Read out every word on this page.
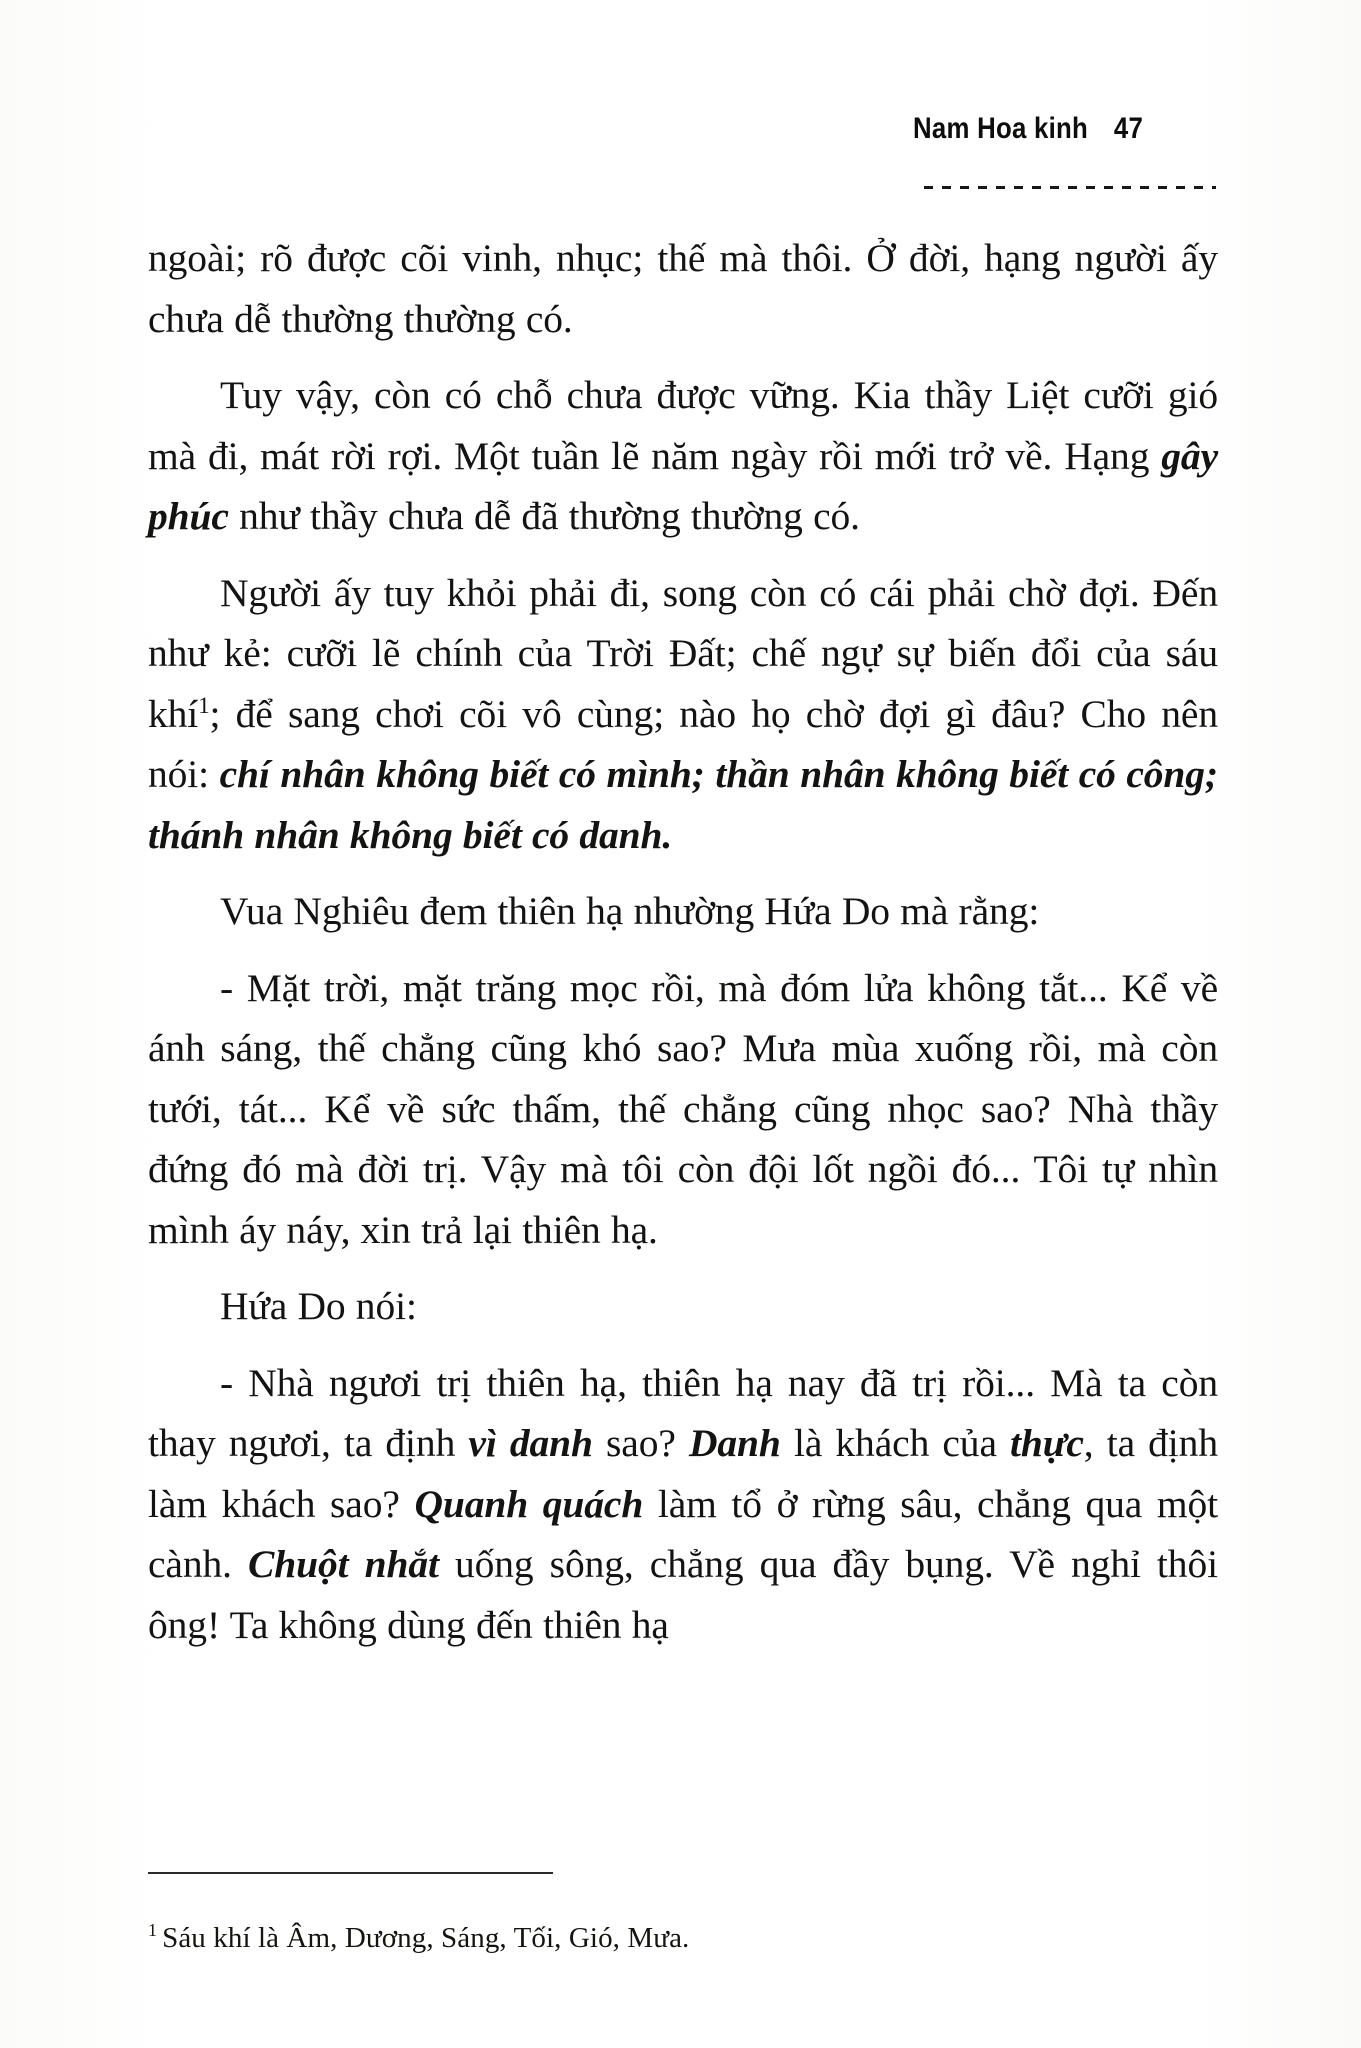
Nam Hoa kinh 47

ngoài; rõ được cõi vinh, nhục; thế mà thôi. Ở đời, hạng người ấy chưa dễ thường thường có.

Tuy vậy, còn có chỗ chưa được vững. Kia thầy Liệt cưỡi gió mà đi, mát rời rợi. Một tuần lẽ năm ngày rồi mới trở về. Hạng gây phúc như thầy chưa dễ đã thường thường có.

Người ấy tuy khỏi phải đi, song còn có cái phải chờ đợi. Đến như kẻ: cưỡi lẽ chính của Trời Đất; chế ngự sự biến đổi của sáu khí$^1$; để sang chơi cõi vô cùng; nào họ chờ đợi gì đâu? Cho nên nói: chí nhân không biết có mình; thần nhân không biết có công; thánh nhân không biết có danh.

Vua Nghiêu đem thiên hạ nhường Hứa Do mà rằng:

- Mặt trời, mặt trăng mọc rồi, mà đóm lửa không tắt... Kể về ánh sáng, thế chẳng cũng khó sao? Mưa mùa xuống rồi, mà còn tưới, tát... Kể về sức thấm, thế chẳng cũng nhọc sao? Nhà thầy đứng đó mà đời trị. Vậy mà tôi còn đội lốt ngồi đó... Tôi tự nhìn mình áy náy, xin trả lại thiên hạ.

Hứa Do nói:

- Nhà ngươi trị thiên hạ, thiên hạ nay đã trị rồi... Mà ta còn thay ngươi, ta định vì danh sao? Danh là khách của thực, ta định làm khách sao? Quanh quách làm tổ ở rừng sâu, chẳng qua một cành. Chuột nhắt uống sông, chẳng qua đầy bụng. Về nghỉ thôi ông! Ta không dùng đến thiên hạ

$^1$ Sáu khí là Âm, Dương, Sáng, Tối, Gió, Mưa.
